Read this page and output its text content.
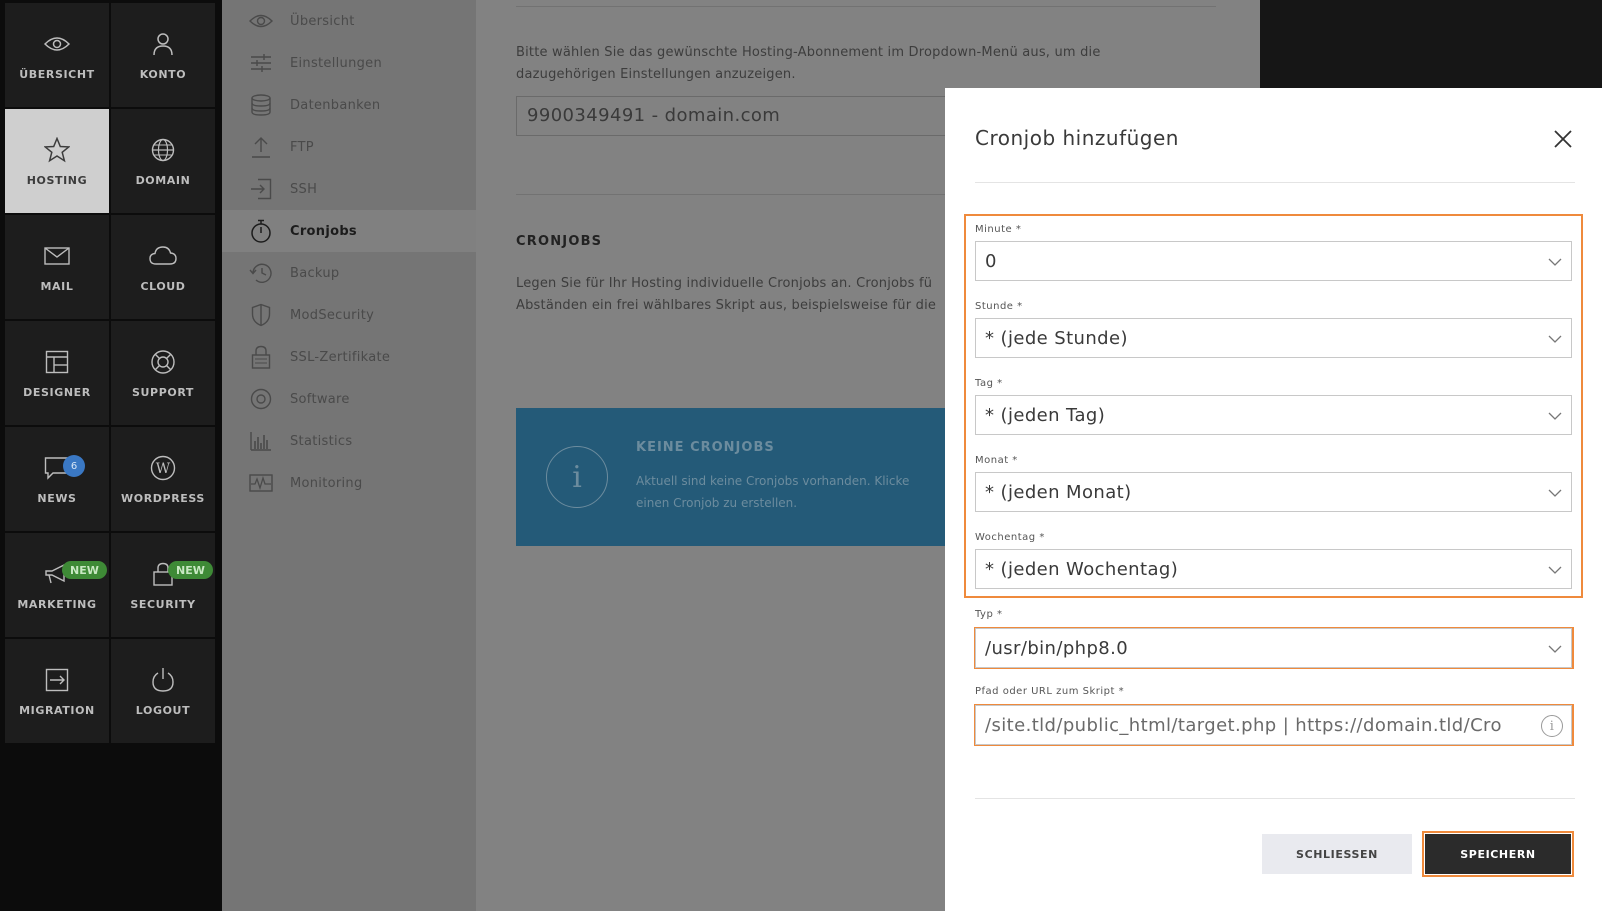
ÜBERSICHT	KONTO
HOSTING	DOMAIN
MAIL	CLOUD
DESIGNER	SUPPORT
6
NEWS
W
WORDPRESS
NEW
MARKETING
NEW
SECURITY
MIGRATION	LOGOUT
Übersicht
Einstellungen
Datenbanken
FTP
SSH
Cronjobs
Backup
ModSecurity
SSL-Zertifikate
Software
Statistics
Monitoring
Bitte wählen Sie das gewünschte Hosting-Abonnement im Dropdown-Menü aus, um die
dazugehörigen Einstellungen anzuzeigen.
9900349491 - domain.com
CRONJOBS
Legen Sie für Ihr Hosting individuelle Cronjobs an. Cronjobs fü
Abständen ein frei wählbares Skript aus, beispielsweise für die
i
KEINE CRONJOBS
Aktuell sind keine Cronjobs vorhanden. Klicke
einen Cronjob zu erstellen.
Cronjob hinzufügen
Minute *
0
Stunde *
* (jede Stunde)
Tag *
* (jeden Tag)
Monat *
* (jeden Monat)
Wochentag *
* (jeden Wochentag)
Typ *
/usr/bin/php8.0
Pfad oder URL zum Skript *
/site.tld/public_html/target.php | https://domain.tld/Cro	i
SCHLIESSEN	SPEICHERN
